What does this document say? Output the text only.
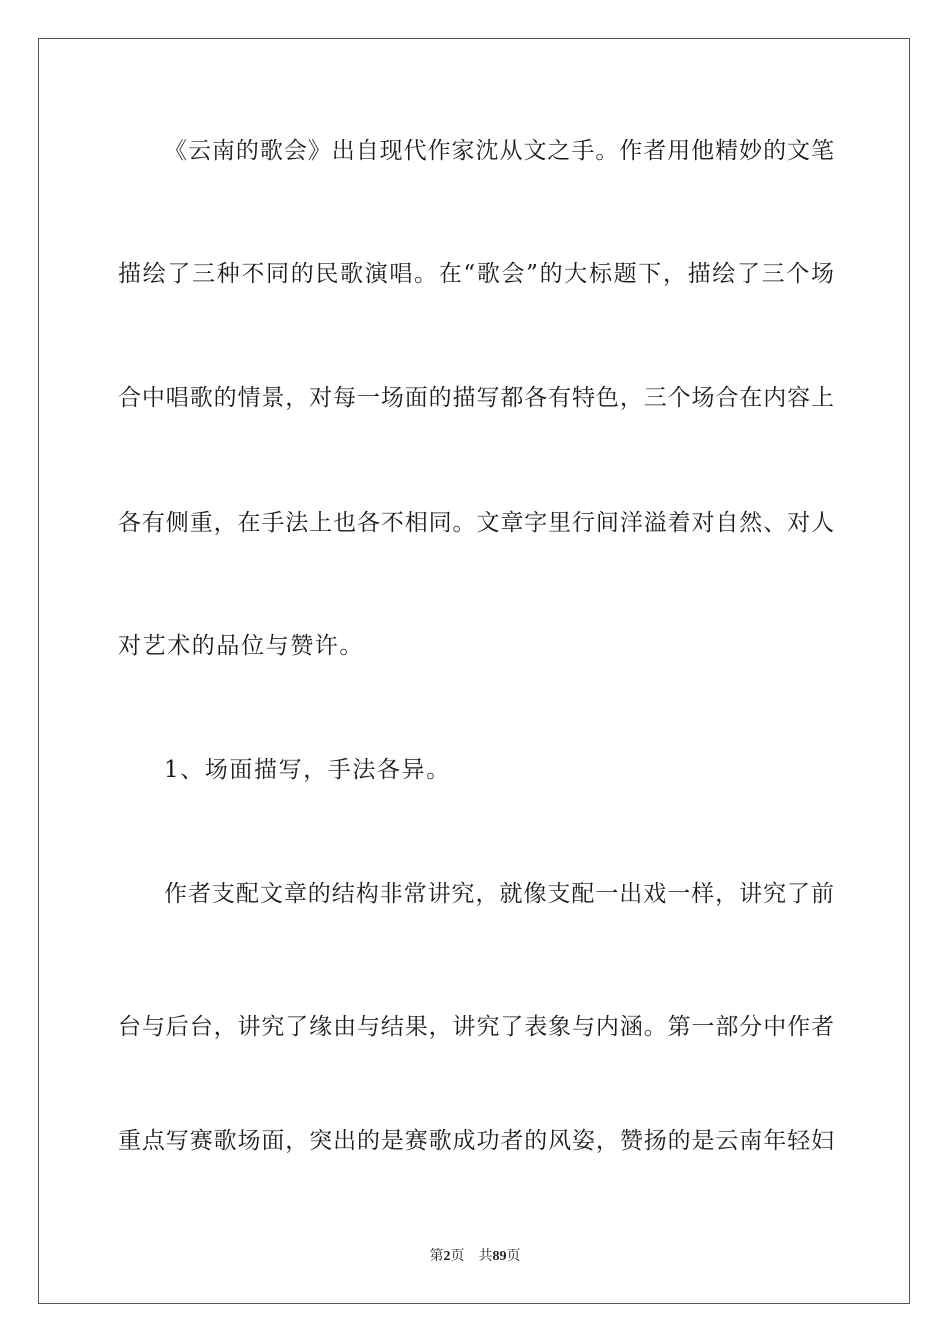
《云南的歌会》出自现代作家沈从文之手。作者用他精妙的文笔
描绘了三种不同的民歌演唱。在“歌会”的大标题下，描绘了三个场
合中唱歌的情景，对每一场面的描写都各有特色，三个场合在内容上
各有侧重，在手法上也各不相同。文章字里行间洋溢着对自然、对人
对艺术的品位与赞许。
1、场面描写，手法各异。
作者支配文章的结构非常讲究，就像支配一出戏一样，讲究了前
台与后台，讲究了缘由与结果，讲究了表象与内涵。第一部分中作者
重点写赛歌场面，突出的是赛歌成功者的风姿，赞扬的是云南年轻妇
第2页 共89页
